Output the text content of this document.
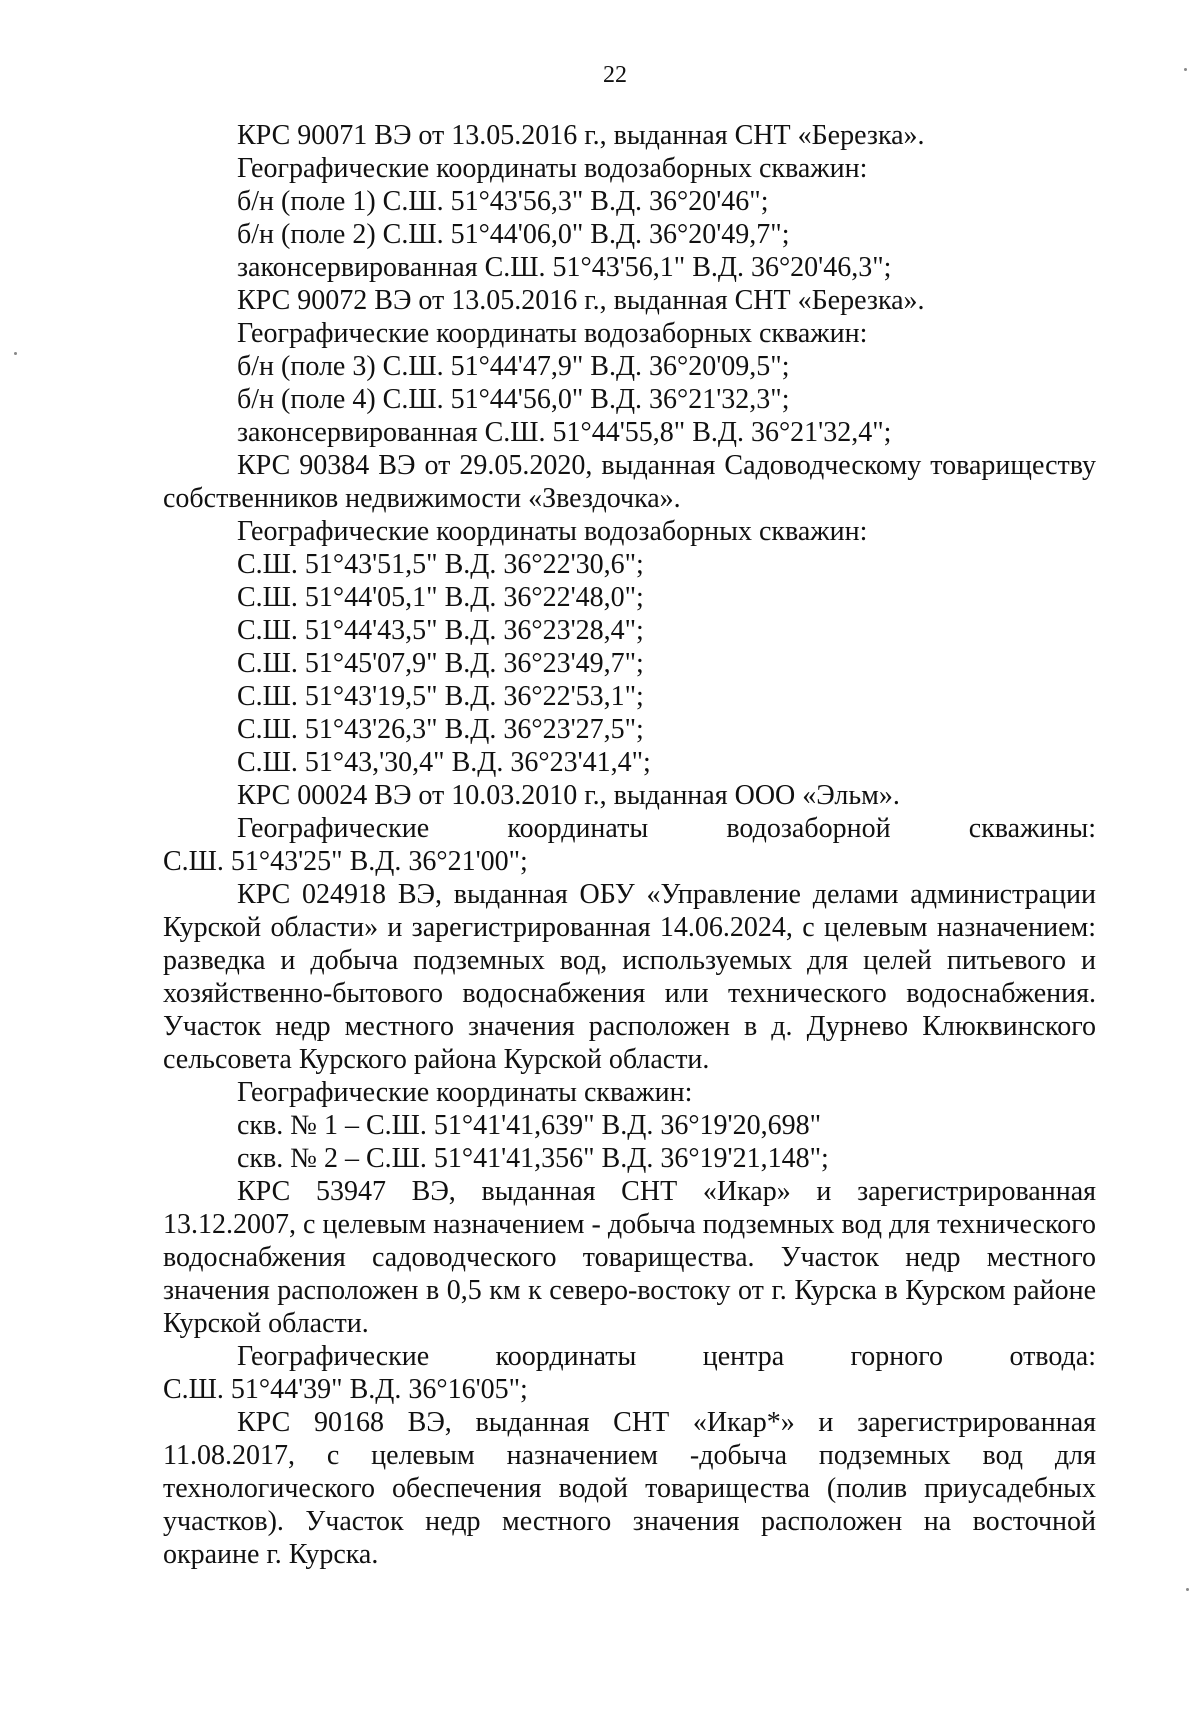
22

КРС 90071 ВЭ от 13.05.2016 г., выданная СНТ «Березка».

Географические координаты водозаборных скважин:

б/н (поле 1) С.Ш. 51°43'56,3" В.Д. 36°20'46";

б/н (поле 2) С.Ш. 51°44'06,0" В.Д. 36°20'49,7";

законсервированная С.Ш. 51°43'56,1" В.Д. 36°20'46,3";

КРС 90072 ВЭ от 13.05.2016 г., выданная СНТ «Березка».

Географические координаты водозаборных скважин:

б/н (поле 3) С.Ш. 51°44'47,9" В.Д. 36°20'09,5";

б/н (поле 4) С.Ш. 51°44'56,0" В.Д. 36°21'32,3";

законсервированная С.Ш. 51°44'55,8" В.Д. 36°21'32,4";

КРС 90384 ВЭ от 29.05.2020, выданная Садоводческому товариществу собственников недвижимости «Звездочка».

Географические координаты водозаборных скважин:

С.Ш. 51°43'51,5" В.Д. 36°22'30,6";

С.Ш. 51°44'05,1" В.Д. 36°22'48,0";

С.Ш. 51°44'43,5" В.Д. 36°23'28,4";

С.Ш. 51°45'07,9" В.Д. 36°23'49,7";

С.Ш. 51°43'19,5" В.Д. 36°22'53,1";

С.Ш. 51°43'26,3" В.Д. 36°23'27,5";

С.Ш. 51°43,'30,4" В.Д. 36°23'41,4";

КРС 00024 ВЭ от 10.03.2010 г., выданная ООО «Эльм».

Географические координаты водозаборной скважины:

С.Ш. 51°43'25" В.Д. 36°21'00";

КРС 024918 ВЭ, выданная ОБУ «Управление делами администрации Курской области» и зарегистрированная 14.06.2024, с целевым назначением: разведка и добыча подземных вод, используемых для целей питьевого и хозяйственно-бытового водоснабжения или технического водоснабжения. Участок недр местного значения расположен в д. Дурнево Клюквинского сельсовета Курского района Курской области.

Географические координаты скважин:

скв. № 1 – С.Ш. 51°41'41,639" В.Д. 36°19'20,698"

скв. № 2 – С.Ш. 51°41'41,356" В.Д. 36°19'21,148";

КРС 53947 ВЭ, выданная СНТ «Икар» и зарегистрированная 13.12.2007, с целевым назначением - добыча подземных вод для технического водоснабжения садоводческого товарищества. Участок недр местного значения расположен в 0,5 км к северо-востоку от г. Курска в Курском районе Курской области.

Географические координаты центра горного отвода:

С.Ш. 51°44'39" В.Д. 36°16'05";

КРС 90168 ВЭ, выданная СНТ «Икар*» и зарегистрированная 11.08.2017, с целевым назначением -добыча подземных вод для технологического обеспечения водой товарищества (полив приусадебных участков). Участок недр местного значения расположен на восточной окраине г. Курска.
